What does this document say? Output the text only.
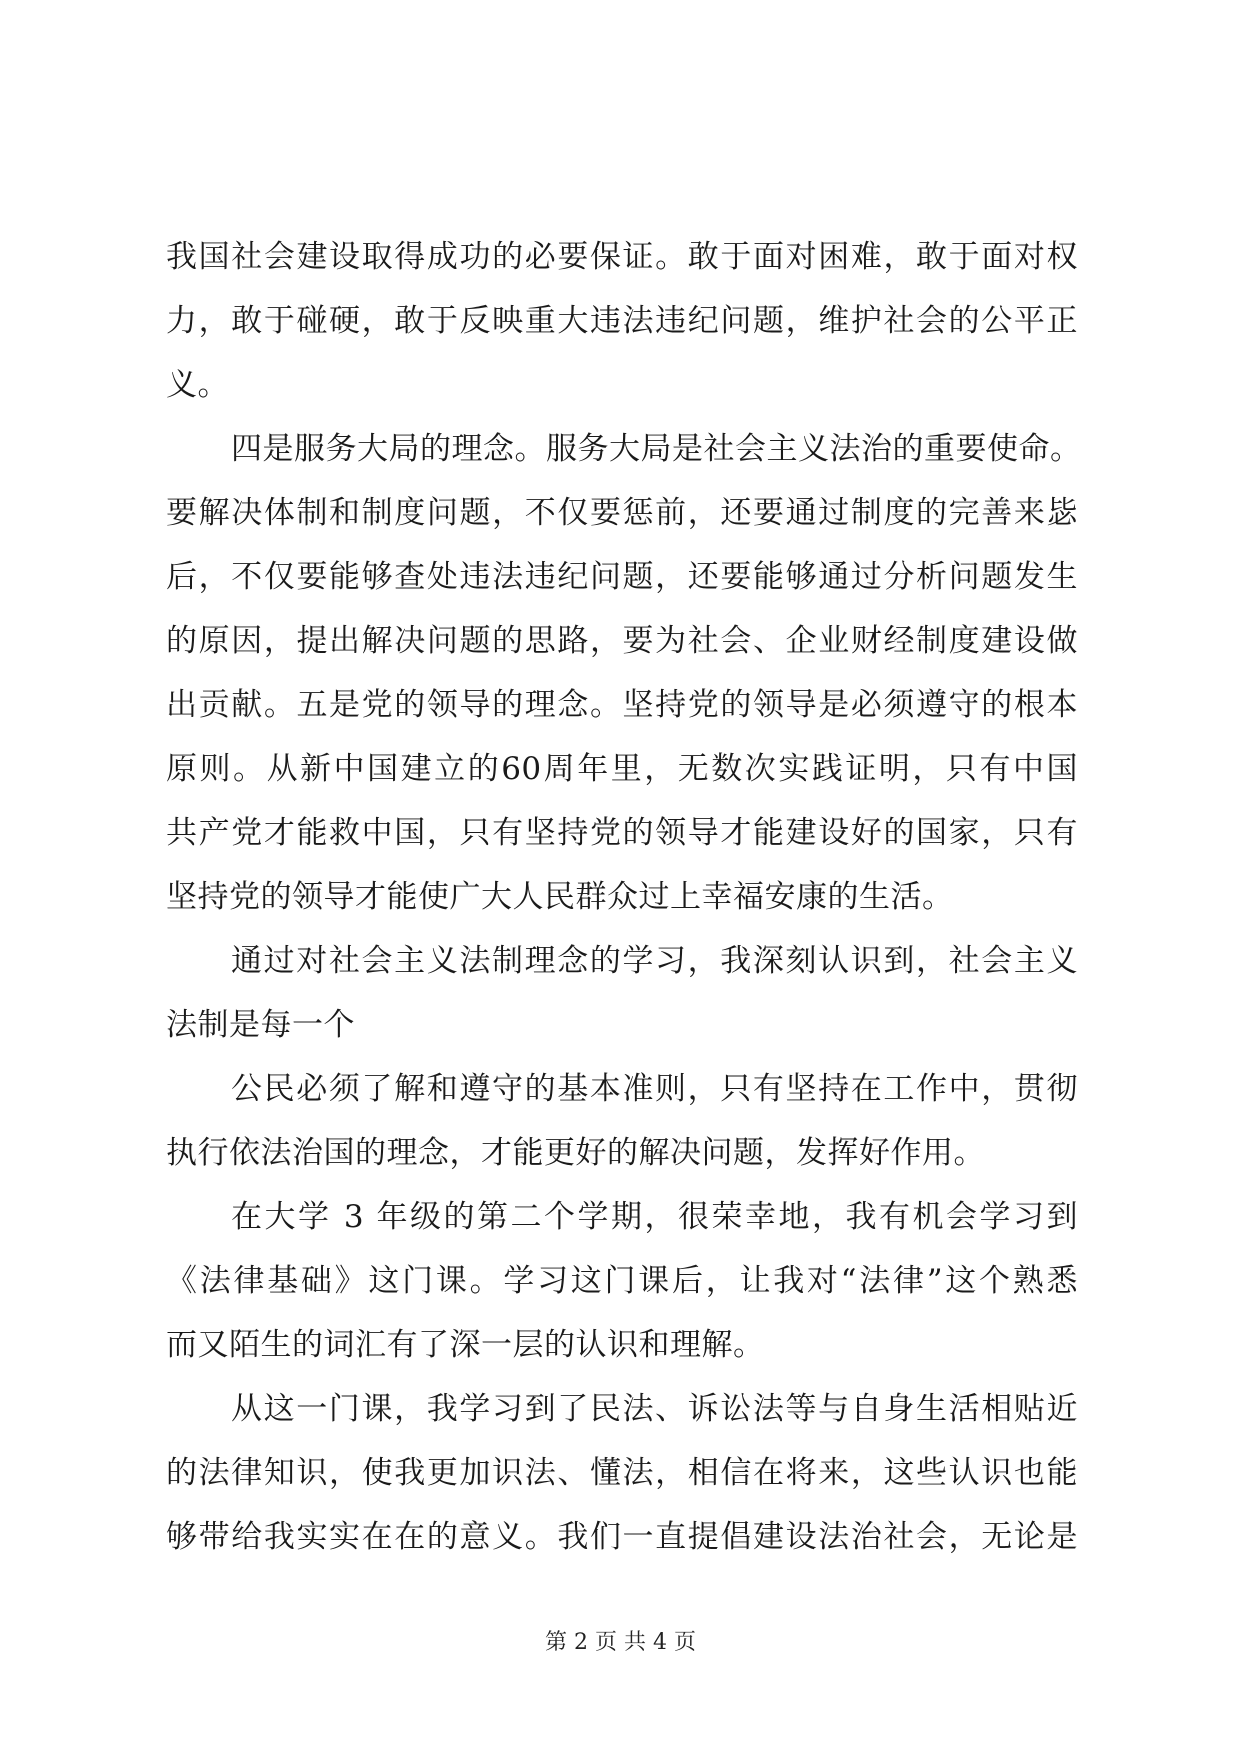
我国社会建设取得成功的必要保证。敢于面对困难，敢于面对权
力，敢于碰硬，敢于反映重大违法违纪问题，维护社会的公平正
义。
四是服务大局的理念。服务大局是社会主义法治的重要使命。
要解决体制和制度问题，不仅要惩前，还要通过制度的完善来毖
后，不仅要能够查处违法违纪问题，还要能够通过分析问题发生
的原因，提出解决问题的思路，要为社会、企业财经制度建设做
出贡献。五是党的领导的理念。坚持党的领导是必须遵守的根本
原则。从新中国建立的60周年里，无数次实践证明，只有中国
共产党才能救中国，只有坚持党的领导才能建设好的国家，只有
坚持党的领导才能使广大人民群众过上幸福安康的生活。
通过对社会主义法制理念的学习，我深刻认识到，社会主义
法制是每一个
公民必须了解和遵守的基本准则，只有坚持在工作中，贯彻
执行依法治国的理念，才能更好的解决问题，发挥好作用。
在大学 3 年级的第二个学期，很荣幸地，我有机会学习到
《法律基础》这门课。学习这门课后，让我对“法律”这个熟悉
而又陌生的词汇有了深一层的认识和理解。
从这一门课，我学习到了民法、诉讼法等与自身生活相贴近
的法律知识，使我更加识法、懂法，相信在将来，这些认识也能
够带给我实实在在的意义。我们一直提倡建设法治社会，无论是
第 2 页 共 4 页
